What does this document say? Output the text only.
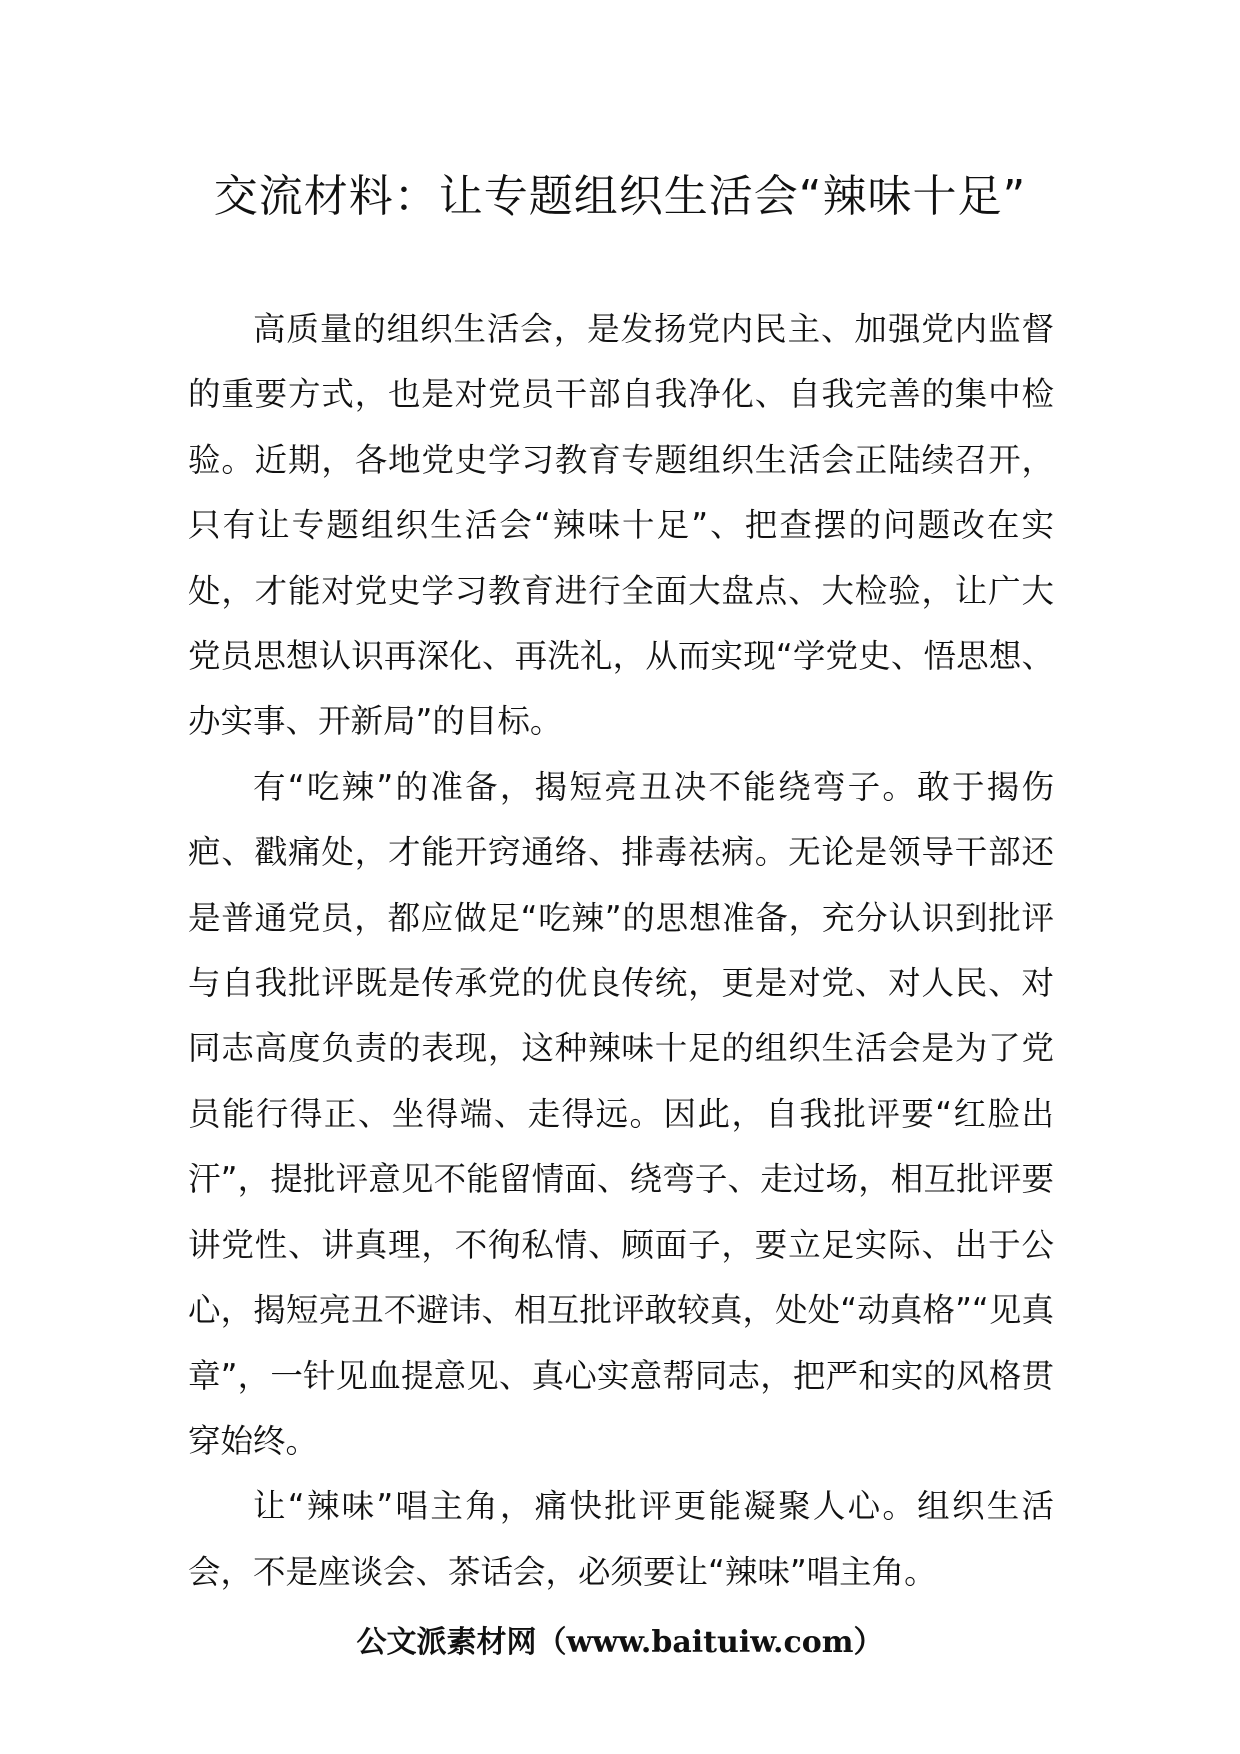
交流材料：让专题组织生活会“辣味十足”

高质量的组织生活会，是发扬党内民主、加强党内监督的重要方式，也是对党员干部自我净化、自我完善的集中检验。近期，各地党史学习教育专题组织生活会正陆续召开，只有让专题组织生活会“辣味十足”、把查摆的问题改在实处，才能对党史学习教育进行全面大盘点、大检验，让广大党员思想认识再深化、再洗礼，从而实现“学党史、悟思想、办实事、开新局”的目标。

有“吃辣”的准备，揭短亮丑决不能绕弯子。敢于揭伤疤、戳痛处，才能开窍通络、排毒祛病。无论是领导干部还是普通党员，都应做足“吃辣”的思想准备，充分认识到批评与自我批评既是传承党的优良传统，更是对党、对人民、对同志高度负责的表现，这种辣味十足的组织生活会是为了党员能行得正、坐得端、走得远。因此，自我批评要“红脸出汗”，提批评意见不能留情面、绕弯子、走过场，相互批评要讲党性、讲真理，不徇私情、顾面子，要立足实际、出于公心，揭短亮丑不避讳、相互批评敢较真，处处“动真格”“见真章”，一针见血提意见、真心实意帮同志，把严和实的风格贯穿始终。

让“辣味”唱主角，痛快批评更能凝聚人心。组织生活会，不是座谈会、茶话会，必须要让“辣味”唱主角。

公文派素材网（www.baituiw.com）
